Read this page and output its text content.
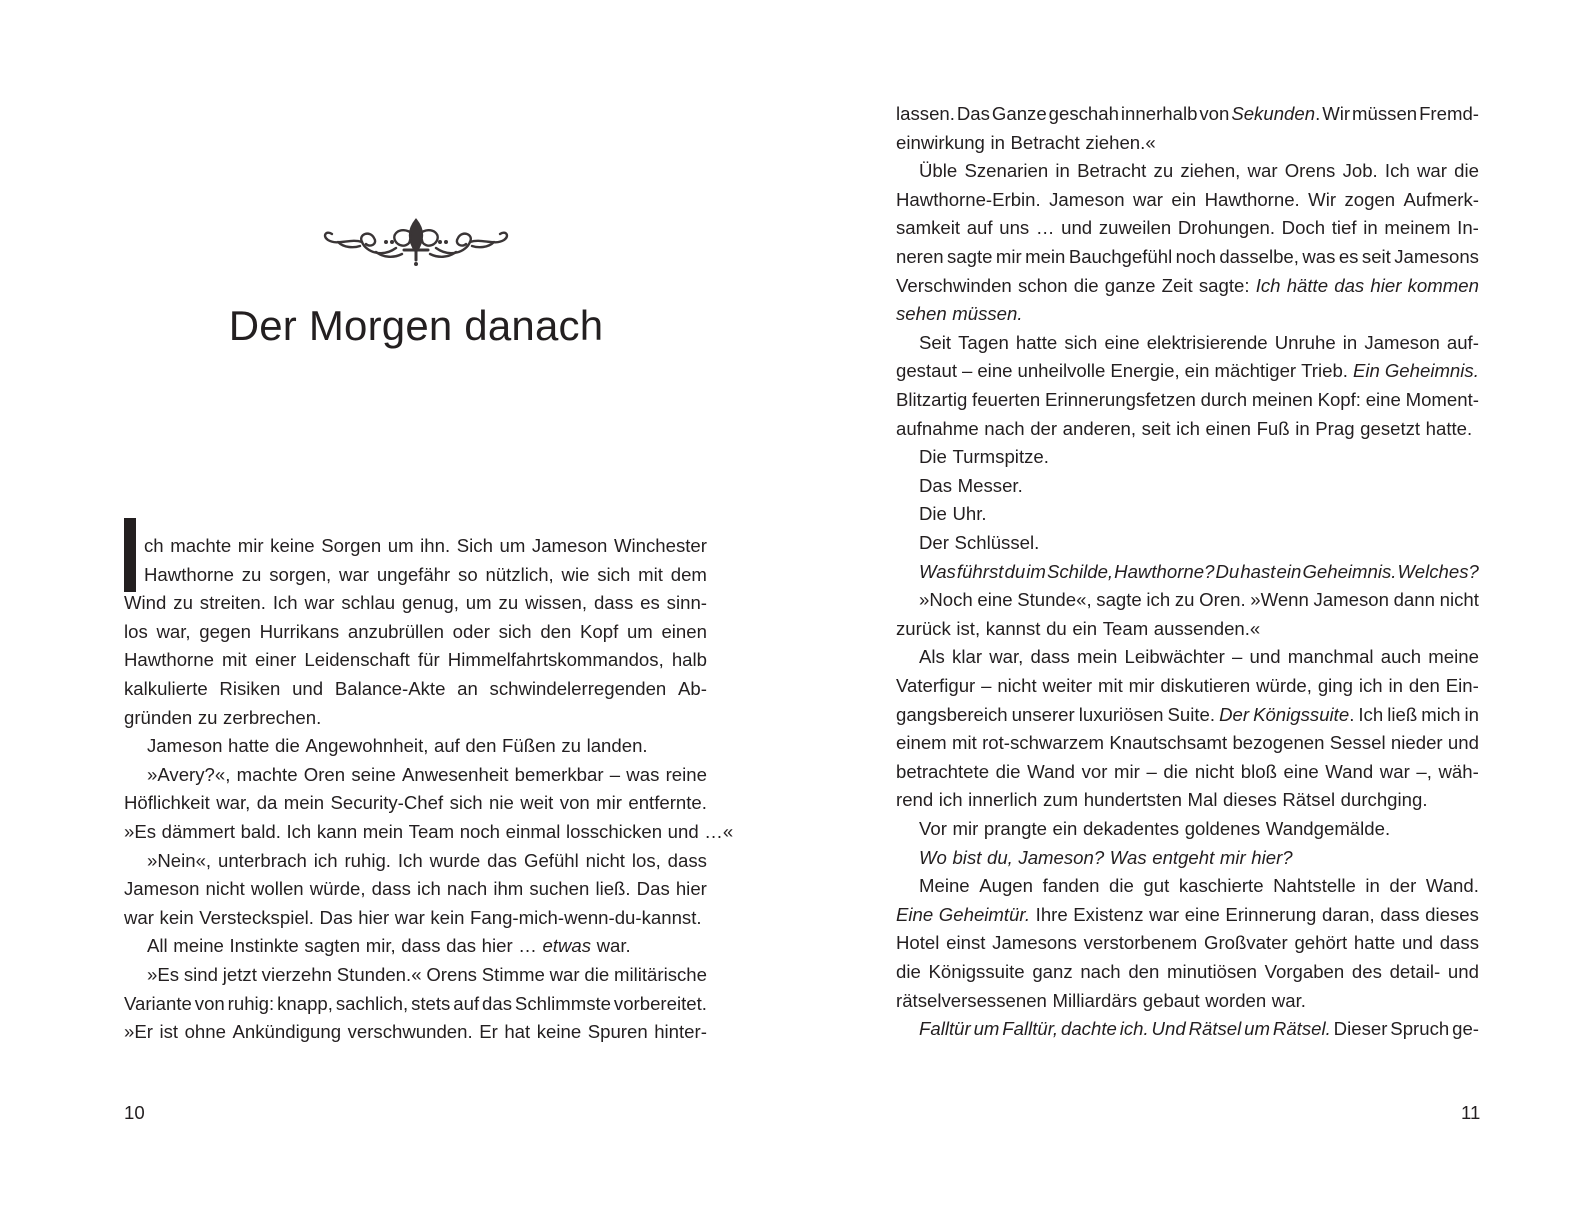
Der Morgen danach
ch machte mir keine Sorgen um ihn. Sich um Jameson Winchester
Hawthorne zu sorgen, war ungefähr so nützlich, wie sich mit dem
Wind zu streiten. Ich war schlau genug, um zu wissen, dass es sinn-
los war, gegen Hurrikans anzubrüllen oder sich den Kopf um einen
Hawthorne mit einer Leidenschaft für Himmelfahrtskommandos, halb
kalkulierte Risiken und Balance-Akte an schwindelerregenden Ab-
gründen zu zerbrechen.
Jameson hatte die Angewohnheit, auf den Füßen zu landen.
»Avery?«, machte Oren seine Anwesenheit bemerkbar – was reine
Höflichkeit war, da mein Security-Chef sich nie weit von mir entfernte.
»Es dämmert bald. Ich kann mein Team noch einmal losschicken und …«
»Nein«, unterbrach ich ruhig. Ich wurde das Gefühl nicht los, dass
Jameson nicht wollen würde, dass ich nach ihm suchen ließ. Das hier
war kein Versteckspiel. Das hier war kein Fang-mich-wenn-du-kannst.
All meine Instinkte sagten mir, dass das hier … etwas war.
»Es sind jetzt vierzehn Stunden.« Orens Stimme war die militärische
Variante von ruhig: knapp, sachlich, stets auf das Schlimmste vorbereitet.
»Er ist ohne Ankündigung verschwunden. Er hat keine Spuren hinter-
10
lassen. Das Ganze geschah innerhalb von Sekunden. Wir müssen Fremd-
einwirkung in Betracht ziehen.«
Üble Szenarien in Betracht zu ziehen, war Orens Job. Ich war die
Hawthorne-Erbin. Jameson war ein Hawthorne. Wir zogen Aufmerk-
samkeit auf uns … und zuweilen Drohungen. Doch tief in meinem In-
neren sagte mir mein Bauchgefühl noch dasselbe, was es seit Jamesons
Verschwinden schon die ganze Zeit sagte: Ich hätte das hier kommen
sehen müssen.
Seit Tagen hatte sich eine elektrisierende Unruhe in Jameson auf-
gestaut – eine unheilvolle Energie, ein mächtiger Trieb. Ein Geheimnis.
Blitzartig feuerten Erinnerungsfetzen durch meinen Kopf: eine Moment-
aufnahme nach der anderen, seit ich einen Fuß in Prag gesetzt hatte.
Die Turmspitze.
Das Messer.
Die Uhr.
Der Schlüssel.
Was führst du im Schilde, Hawthorne? Du hast ein Geheimnis. Welches?
»Noch eine Stunde«, sagte ich zu Oren. »Wenn Jameson dann nicht
zurück ist, kannst du ein Team aussenden.«
Als klar war, dass mein Leibwächter – und manchmal auch meine
Vaterfigur – nicht weiter mit mir diskutieren würde, ging ich in den Ein-
gangsbereich unserer luxuriösen Suite. Der Königssuite. Ich ließ mich in
einem mit rot-schwarzem Knautschsamt bezogenen Sessel nieder und
betrachtete die Wand vor mir – die nicht bloß eine Wand war –, wäh-
rend ich innerlich zum hundertsten Mal dieses Rätsel durchging.
Vor mir prangte ein dekadentes goldenes Wandgemälde.
Wo bist du, Jameson? Was entgeht mir hier?
Meine Augen fanden die gut kaschierte Nahtstelle in der Wand.
Eine Geheimtür. Ihre Existenz war eine Erinnerung daran, dass dieses
Hotel einst Jamesons verstorbenem Großvater gehört hatte und dass
die Königssuite ganz nach den minutiösen Vorgaben des detail- und
rätselversessenen Milliardärs gebaut worden war.
Falltür um Falltür, dachte ich. Und Rätsel um Rätsel. Dieser Spruch ge-
11
